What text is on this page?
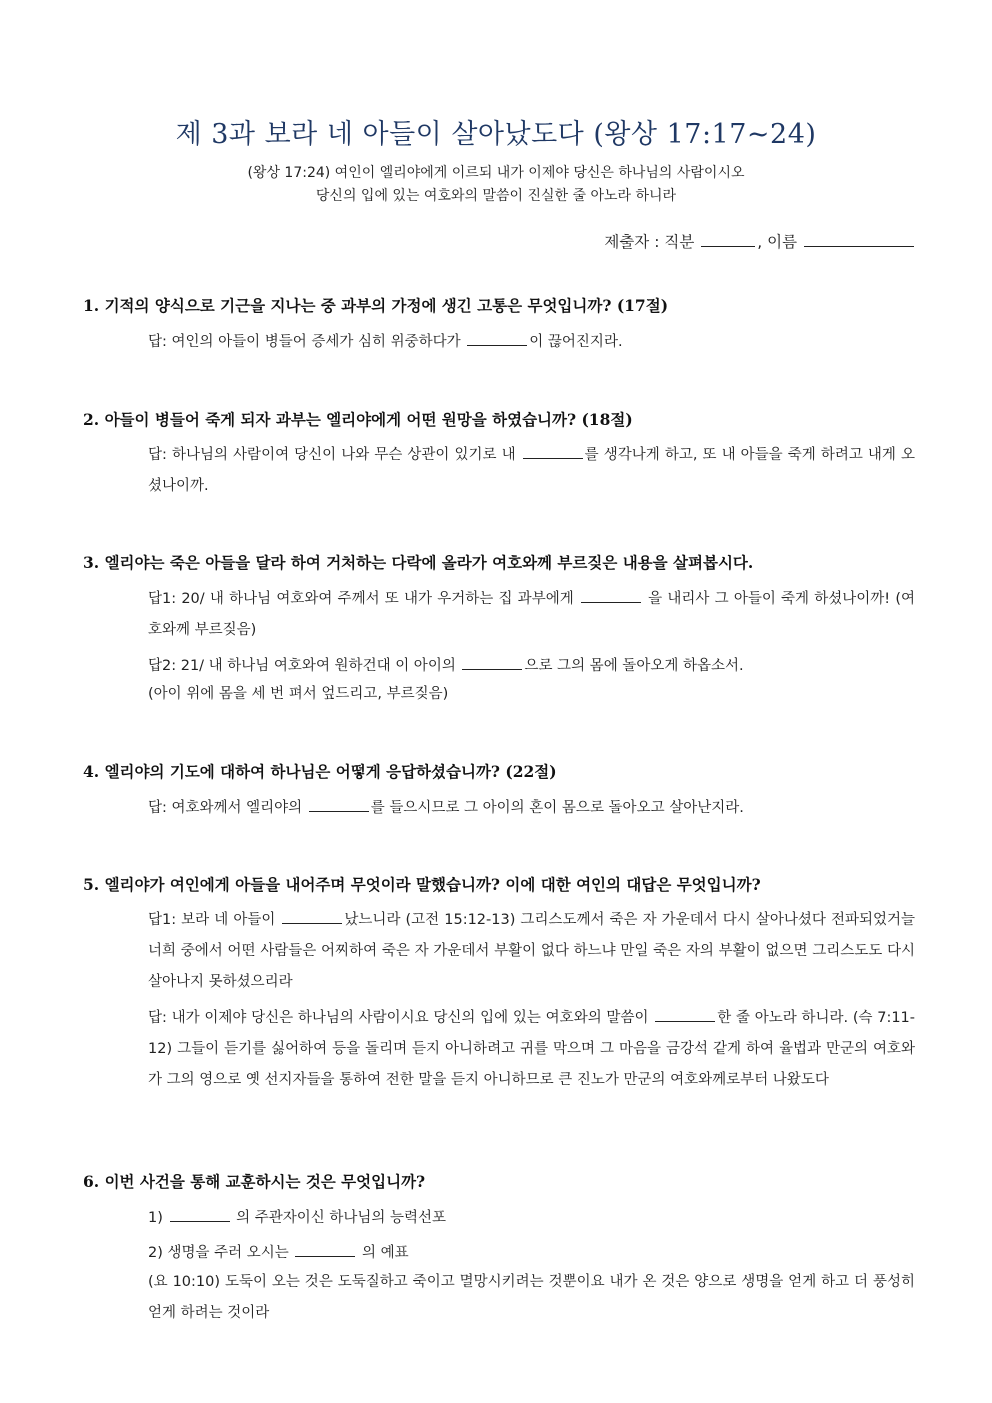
제 3과 보라 네 아들이 살아났도다 (왕상 17:17~24)
(왕상 17:24) 여인이 엘리야에게 이르되 내가 이제야 당신은 하나님의 사람이시오
당신의 입에 있는 여호와의 말씀이 진실한 줄 아노라 하니라
제출자 : 직분	, 이름
1. 기적의 양식으로 기근을 지나는 중 과부의 가정에 생긴 고통은 무엇입니까? (17절)
답: 여인의 아들이 병들어 증세가 심히 위중하다가	이 끊어진지라.
2. 아들이 병들어 죽게 되자 과부는 엘리야에게 어떤 원망을 하였습니까? (18절)
답: 하나님의 사람이여 당신이 나와 무슨 상관이 있기로 내	를 생각나게 하고, 또 내 아들을 죽게 하려고 내게 오셨나이까.
3. 엘리야는 죽은 아들을 달라 하여 거처하는 다락에 올라가 여호와께 부르짖은 내용을 살펴봅시다.
답1: 20/ 내 하나님 여호와여 주께서 또 내가 우거하는 집 과부에게	을 내리사 그 아들이 죽게 하셨나이까! (여호와께 부르짖음)
답2: 21/ 내 하나님 여호와여 원하건대 이 아이의	으로 그의 몸에 돌아오게 하옵소서.
(아이 위에 몸을 세 번 펴서 엎드리고, 부르짖음)
4. 엘리야의 기도에 대하여 하나님은 어떻게 응답하셨습니까? (22절)
답: 여호와께서 엘리야의	를 들으시므로 그 아이의 혼이 몸으로 돌아오고 살아난지라.
5. 엘리야가 여인에게 아들을 내어주며 무엇이라 말했습니까? 이에 대한 여인의 대답은 무엇입니까?
답1: 보라 네 아들이	났느니라 (고전 15:12-13) 그리스도께서 죽은 자 가운데서 다시 살아나셨다 전파되었거늘 너희 중에서 어떤 사람들은 어찌하여 죽은 자 가운데서 부활이 없다 하느냐 만일 죽은 자의 부활이 없으면 그리스도도 다시 살아나지 못하셨으리라
답: 내가 이제야 당신은 하나님의 사람이시요 당신의 입에 있는 여호와의 말씀이	한 줄 아노라 하니라. (슥 7:11-12) 그들이 듣기를 싫어하여 등을 돌리며 듣지 아니하려고 귀를 막으며 그 마음을 금강석 같게 하여 율법과 만군의 여호와가 그의 영으로 옛 선지자들을 통하여 전한 말을 듣지 아니하므로 큰 진노가 만군의 여호와께로부터 나왔도다
6. 이번 사건을 통해 교훈하시는 것은 무엇입니까?
1)	의 주관자이신 하나님의 능력선포
2) 생명을 주러 오시는	의 예표
(요 10:10) 도둑이 오는 것은 도둑질하고 죽이고 멸망시키려는 것뿐이요 내가 온 것은 양으로 생명을 얻게 하고 더 풍성히 얻게 하려는 것이라
